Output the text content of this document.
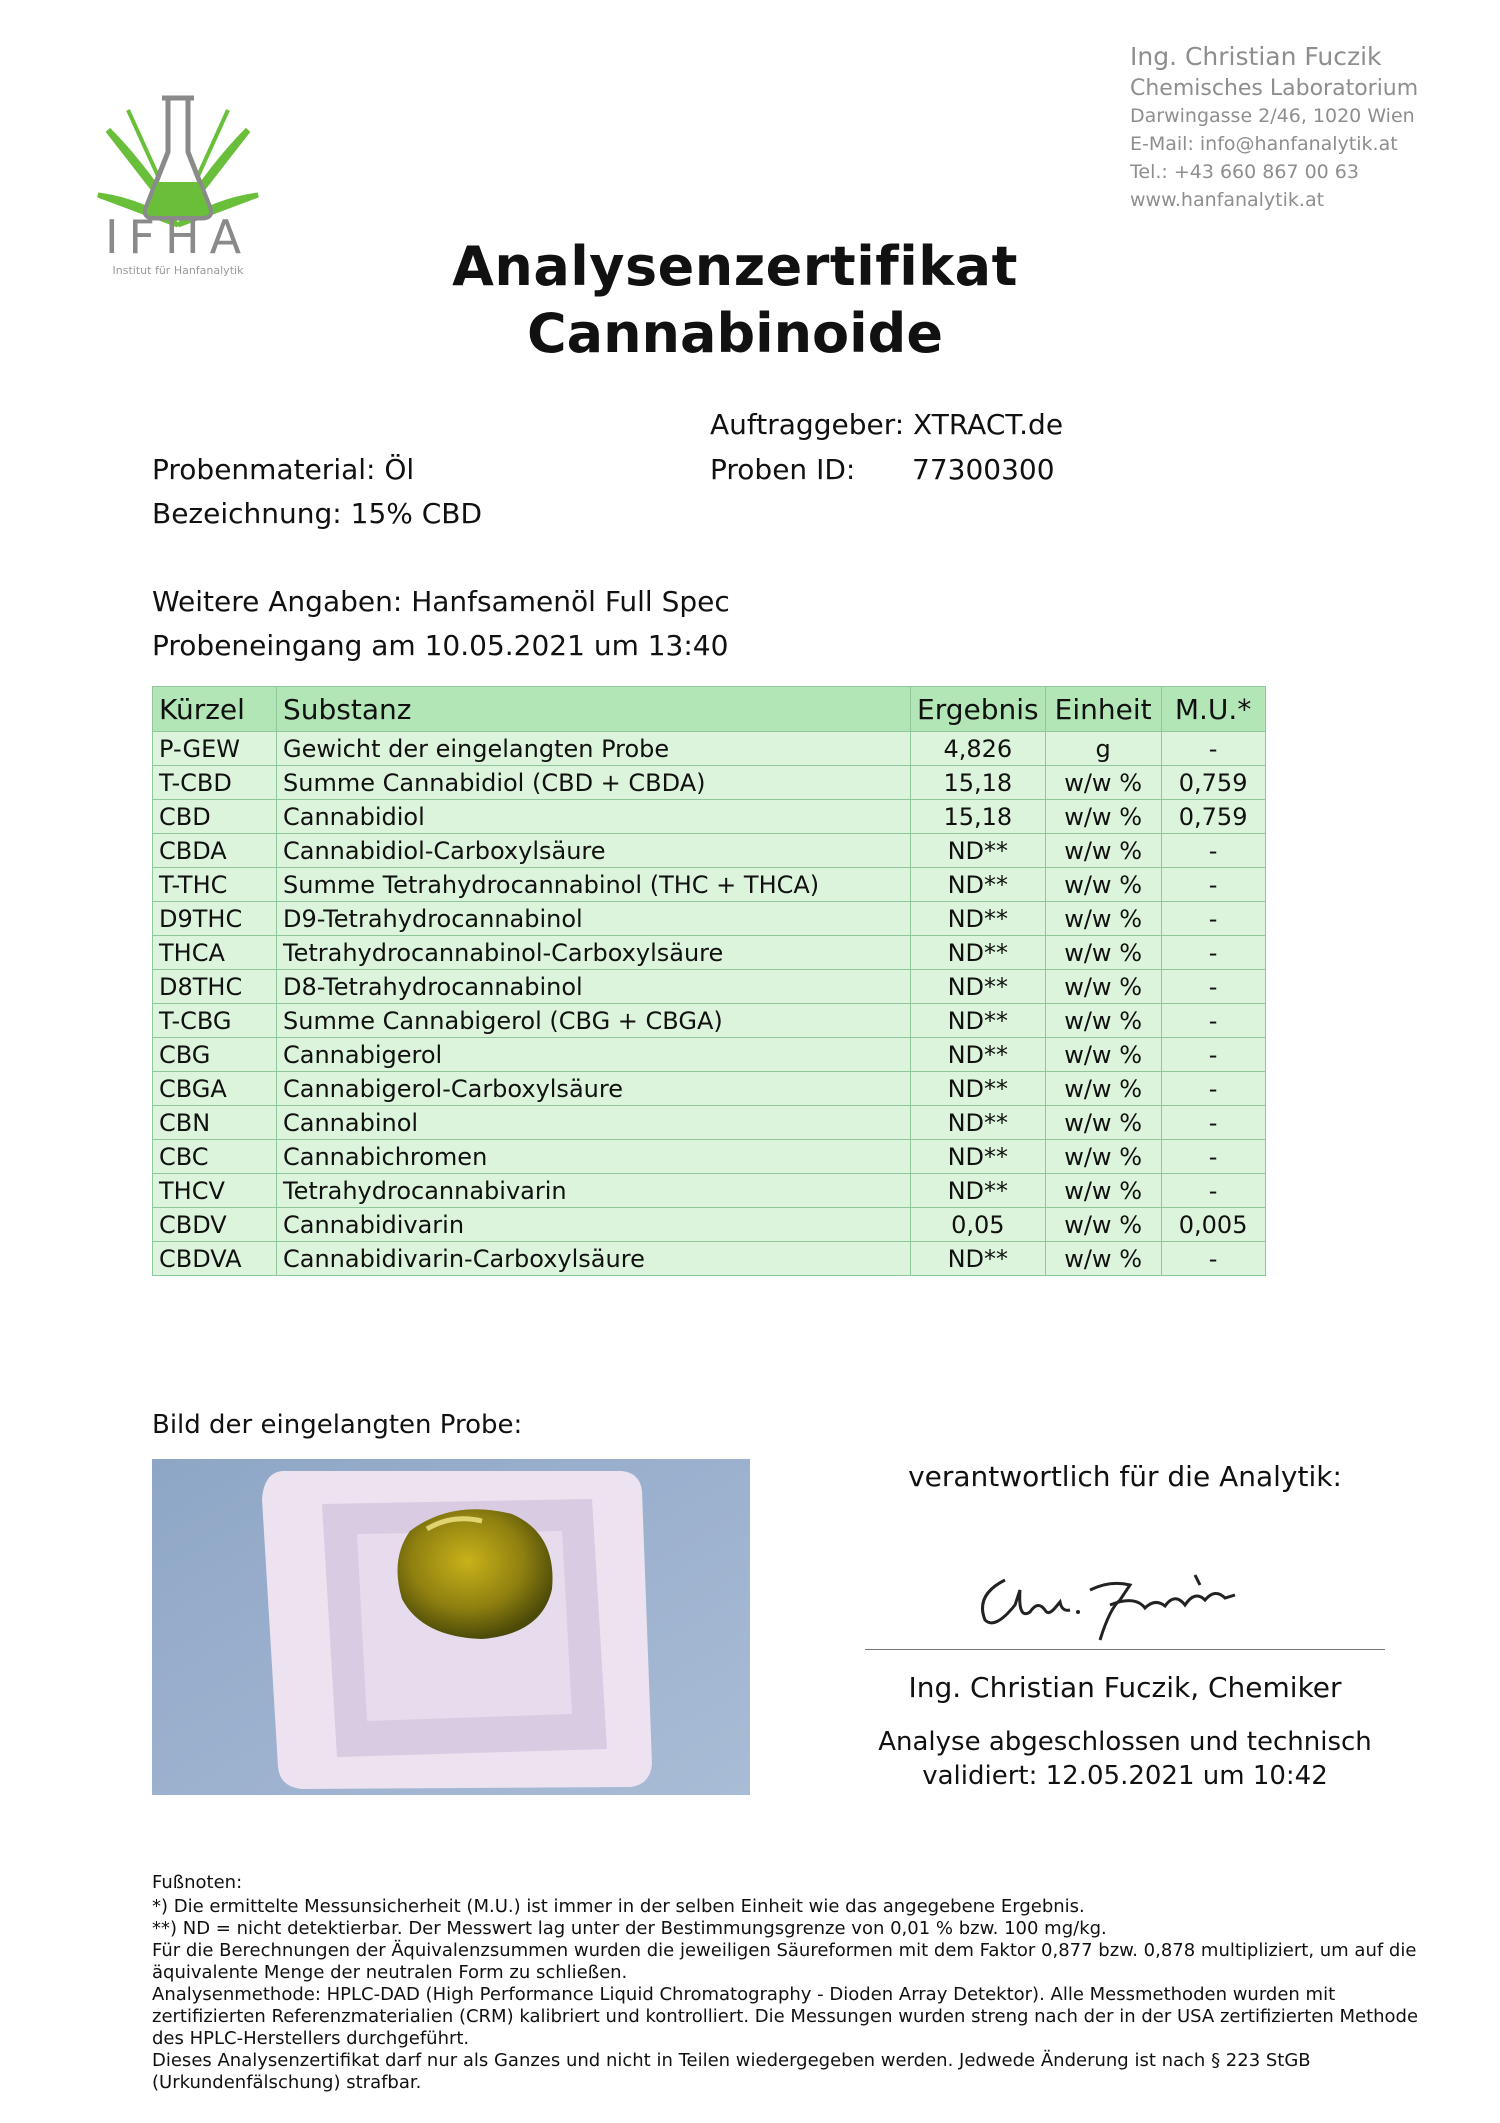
IFHA
Institut für Hanfanalytik
Ing. Christian Fuczik
Chemisches Laboratorium
Darwingasse 2/46, 1020 Wien
E-Mail: info@hanfanalytik.at
Tel.: +43 660 867 00 63
www.hanfanalytik.at
Analysenzertifikat
Cannabinoide
Auftraggeber: XTRACT.de
Probenmaterial: Öl	Proben ID: 77300300
Bezeichnung: 15% CBD
Weitere Angaben: Hanfsamenöl Full Spec
Probeneingang am 10.05.2021 um 13:40
Kürzel	Substanz	Ergebnis	Einheit	M.U.*
P-GEW	Gewicht der eingelangten Probe	4,826	g	-
T-CBD	Summe Cannabidiol (CBD + CBDA)	15,18	w/w %	0,759
CBD	Cannabidiol	15,18	w/w %	0,759
CBDA	Cannabidiol-Carboxylsäure	ND**	w/w %	-
T-THC	Summe Tetrahydrocannabinol (THC + THCA)	ND**	w/w %	-
D9THC	D9-Tetrahydrocannabinol	ND**	w/w %	-
THCA	Tetrahydrocannabinol-Carboxylsäure	ND**	w/w %	-
D8THC	D8-Tetrahydrocannabinol	ND**	w/w %	-
T-CBG	Summe Cannabigerol (CBG + CBGA)	ND**	w/w %	-
CBG	Cannabigerol	ND**	w/w %	-
CBGA	Cannabigerol-Carboxylsäure	ND**	w/w %	-
CBN	Cannabinol	ND**	w/w %	-
CBC	Cannabichromen	ND**	w/w %	-
THCV	Tetrahydrocannabivarin	ND**	w/w %	-
CBDV	Cannabidivarin	0,05	w/w %	0,005
CBDVA	Cannabidivarin-Carboxylsäure	ND**	w/w %	-
Bild der eingelangten Probe:
verantwortlich für die Analytik:
Ing. Christian Fuczik, Chemiker
Analyse abgeschlossen und technisch
validiert: 12.05.2021 um 10:42
Fußnoten:
*) Die ermittelte Messunsicherheit (M.U.) ist immer in der selben Einheit wie das angegebene Ergebnis.
**) ND = nicht detektierbar. Der Messwert lag unter der Bestimmungsgrenze von 0,01 % bzw. 100 mg/kg.
Für die Berechnungen der Äquivalenzsummen wurden die jeweiligen Säureformen mit dem Faktor 0,877 bzw. 0,878 multipliziert, um auf die äquivalente Menge der neutralen Form zu schließen.
Analysenmethode: HPLC-DAD (High Performance Liquid Chromatography - Dioden Array Detektor). Alle Messmethoden wurden mit zertifizierten Referenzmaterialien (CRM) kalibriert und kontrolliert. Die Messungen wurden streng nach der in der USA zertifizierten Methode des HPLC-Herstellers durchgeführt.
Dieses Analysenzertifikat darf nur als Ganzes und nicht in Teilen wiedergegeben werden. Jedwede Änderung ist nach § 223 StGB (Urkundenfälschung) strafbar.
